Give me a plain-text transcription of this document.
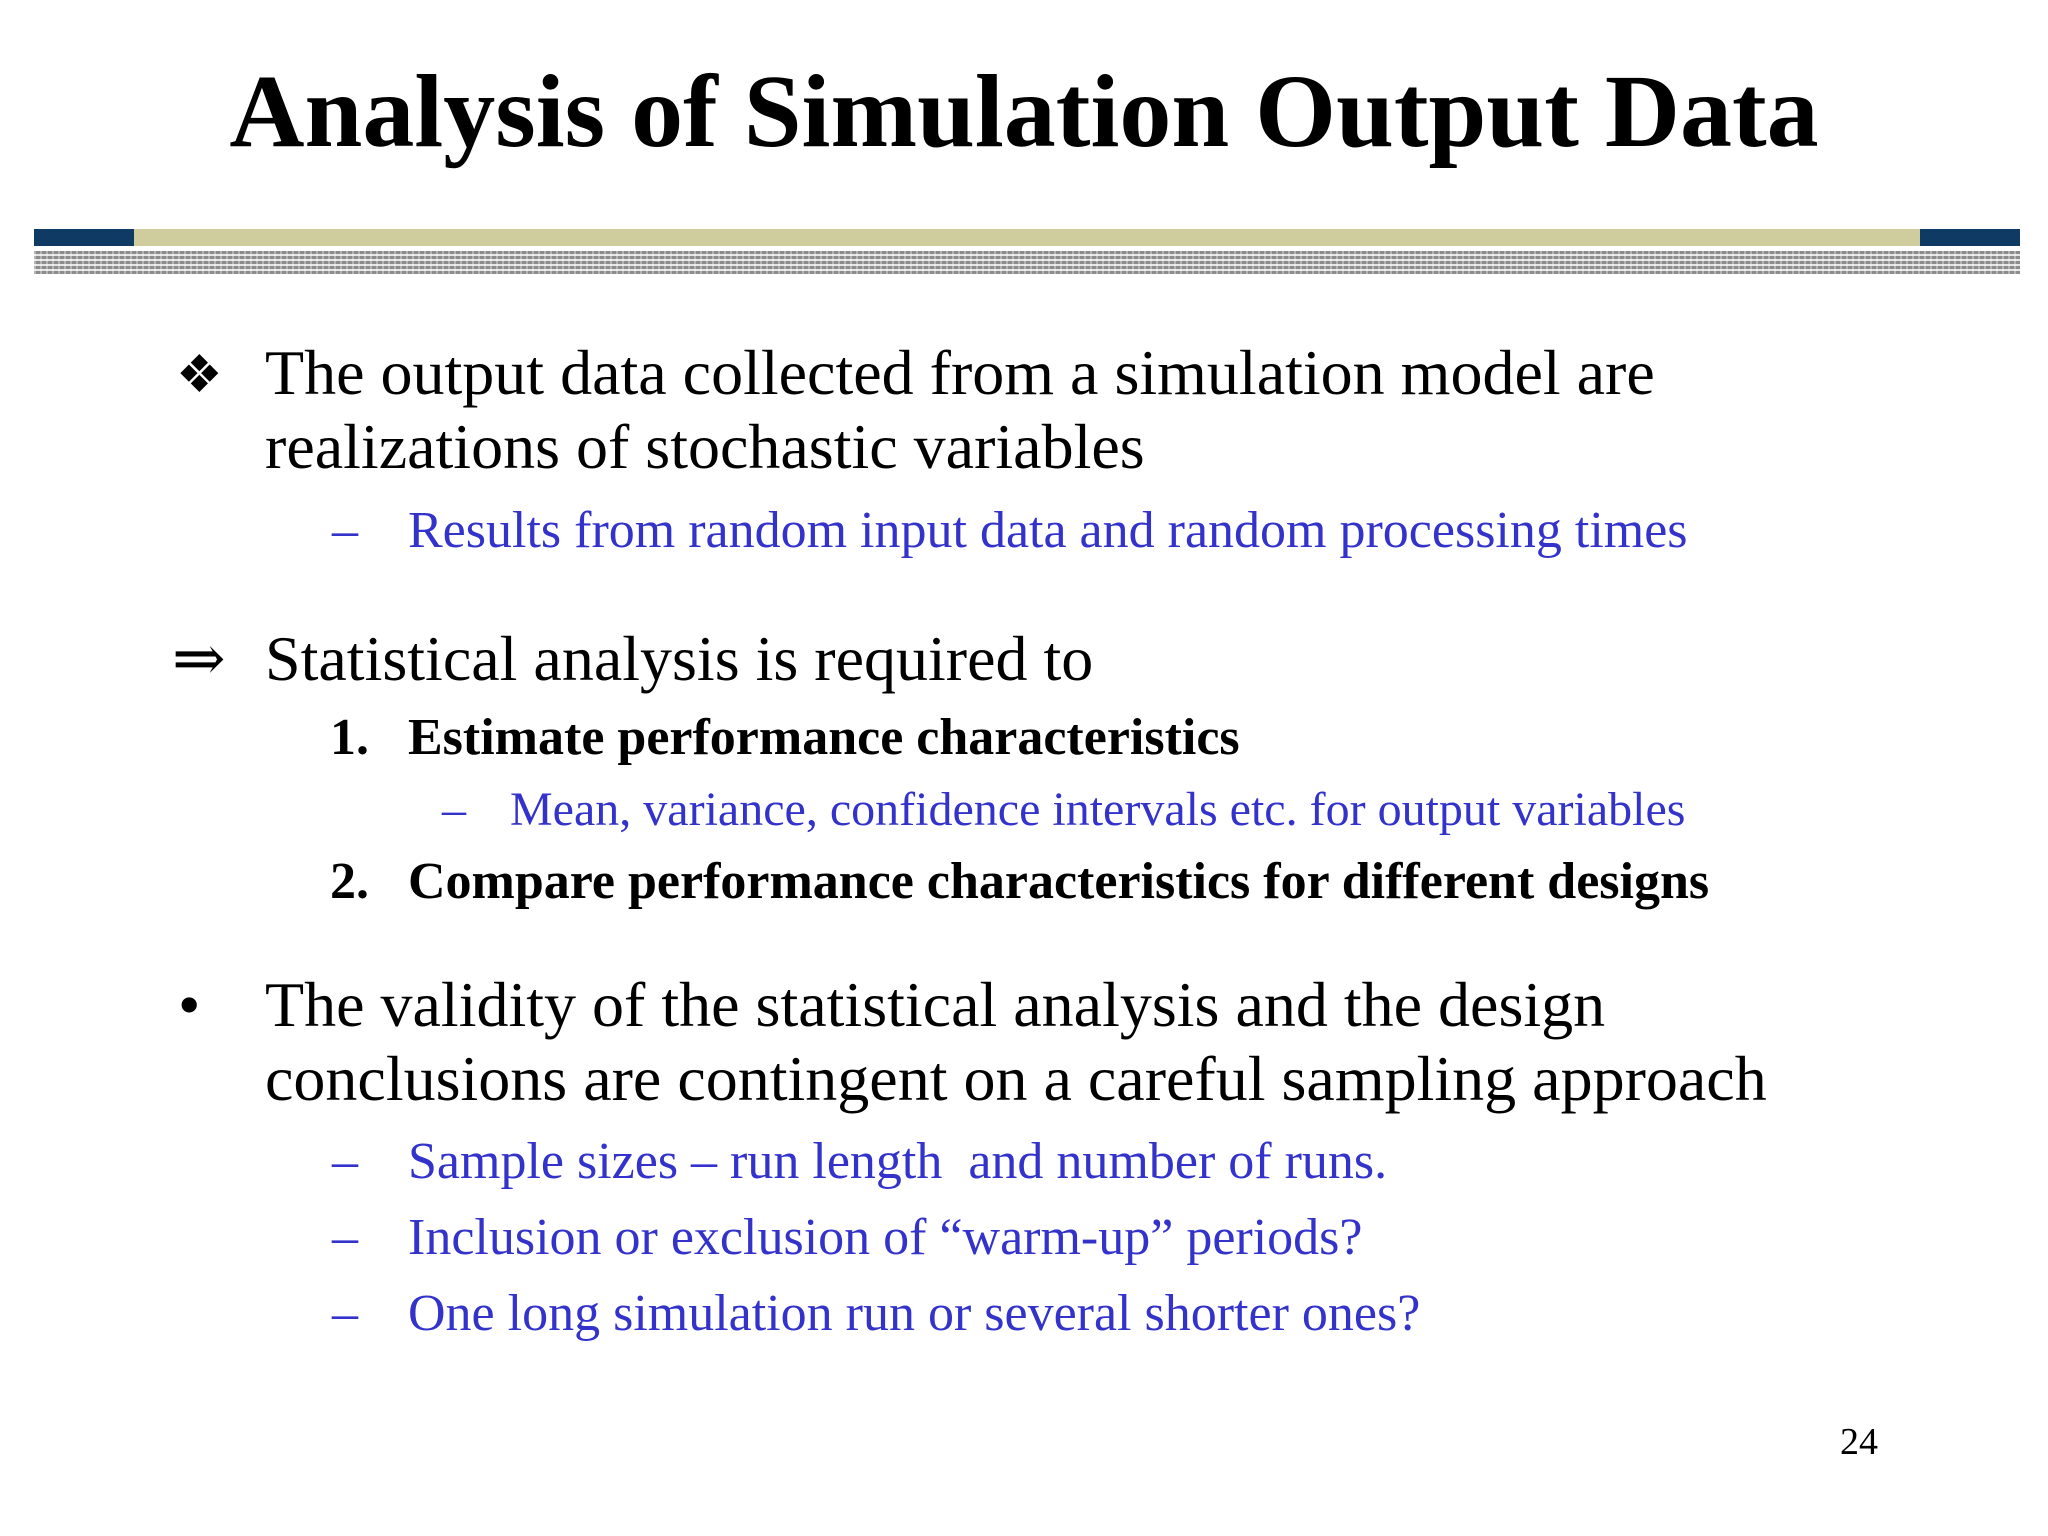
Analysis of Simulation Output Data
❖ The output data collected from a simulation model are
realizations of stochastic variables
– Results from random input data and random processing times
⇒ Statistical analysis is required to
1. Estimate performance characteristics
– Mean, variance, confidence intervals etc. for output variables
2. Compare performance characteristics for different designs
• The validity of the statistical analysis and the design
conclusions are contingent on a careful sampling approach
– Sample sizes – run length  and number of runs.
– Inclusion or exclusion of “warm-up” periods?
– One long simulation run or several shorter ones?
24
